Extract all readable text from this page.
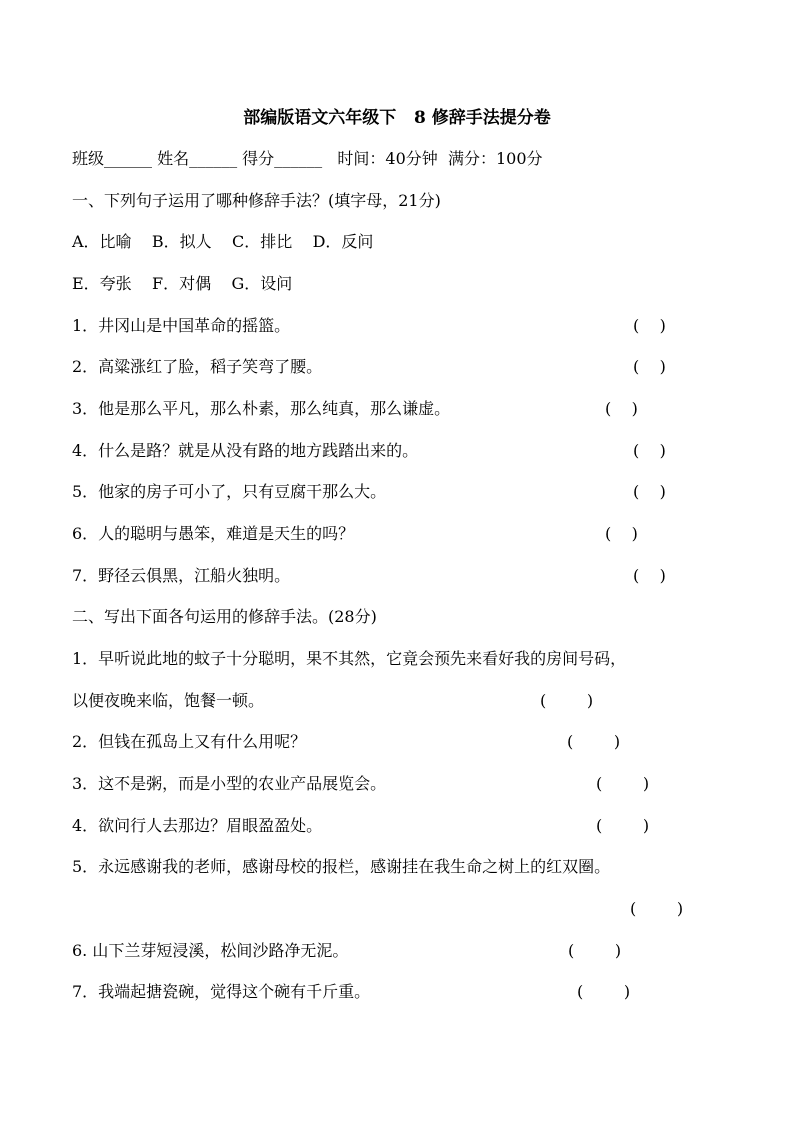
部编版语文六年级下   8 修辞手法提分卷
班级______ 姓名______ 得分______   时间：40分钟  满分：100分
一、下列句子运用了哪种修辞手法？(填字母，21分)
A．比喻    B．拟人    C．排比    D．反问
E．夸张    F．对偶    G．设问
1．井冈山是中国革命的摇篮。	(    )
2．高粱涨红了脸，稻子笑弯了腰。	(    )
3．他是那么平凡，那么朴素，那么纯真，那么谦虚。	(    )
4．什么是路？就是从没有路的地方践踏出来的。	(    )
5．他家的房子可小了，只有豆腐干那么大。	(    )
6．人的聪明与愚笨，难道是天生的吗？	(    )
7．野径云俱黑，江船火独明。	(    )
二、写出下面各句运用的修辞手法。(28分)
1．早听说此地的蚊子十分聪明，果不其然，它竟会预先来看好我的房间号码，
以便夜晚来临，饱餐一顿。	(        )
2．但钱在孤岛上又有什么用呢？	(        )
3．这不是粥，而是小型的农业产品展览会。	(        )
4．欲问行人去那边？眉眼盈盈处。	(        )
5．永远感谢我的老师，感谢母校的报栏，感谢挂在我生命之树上的红双圈。
(        )
6. 山下兰芽短浸溪，松间沙路净无泥。	(        )
7．我端起搪瓷碗，觉得这个碗有千斤重。	(        )
